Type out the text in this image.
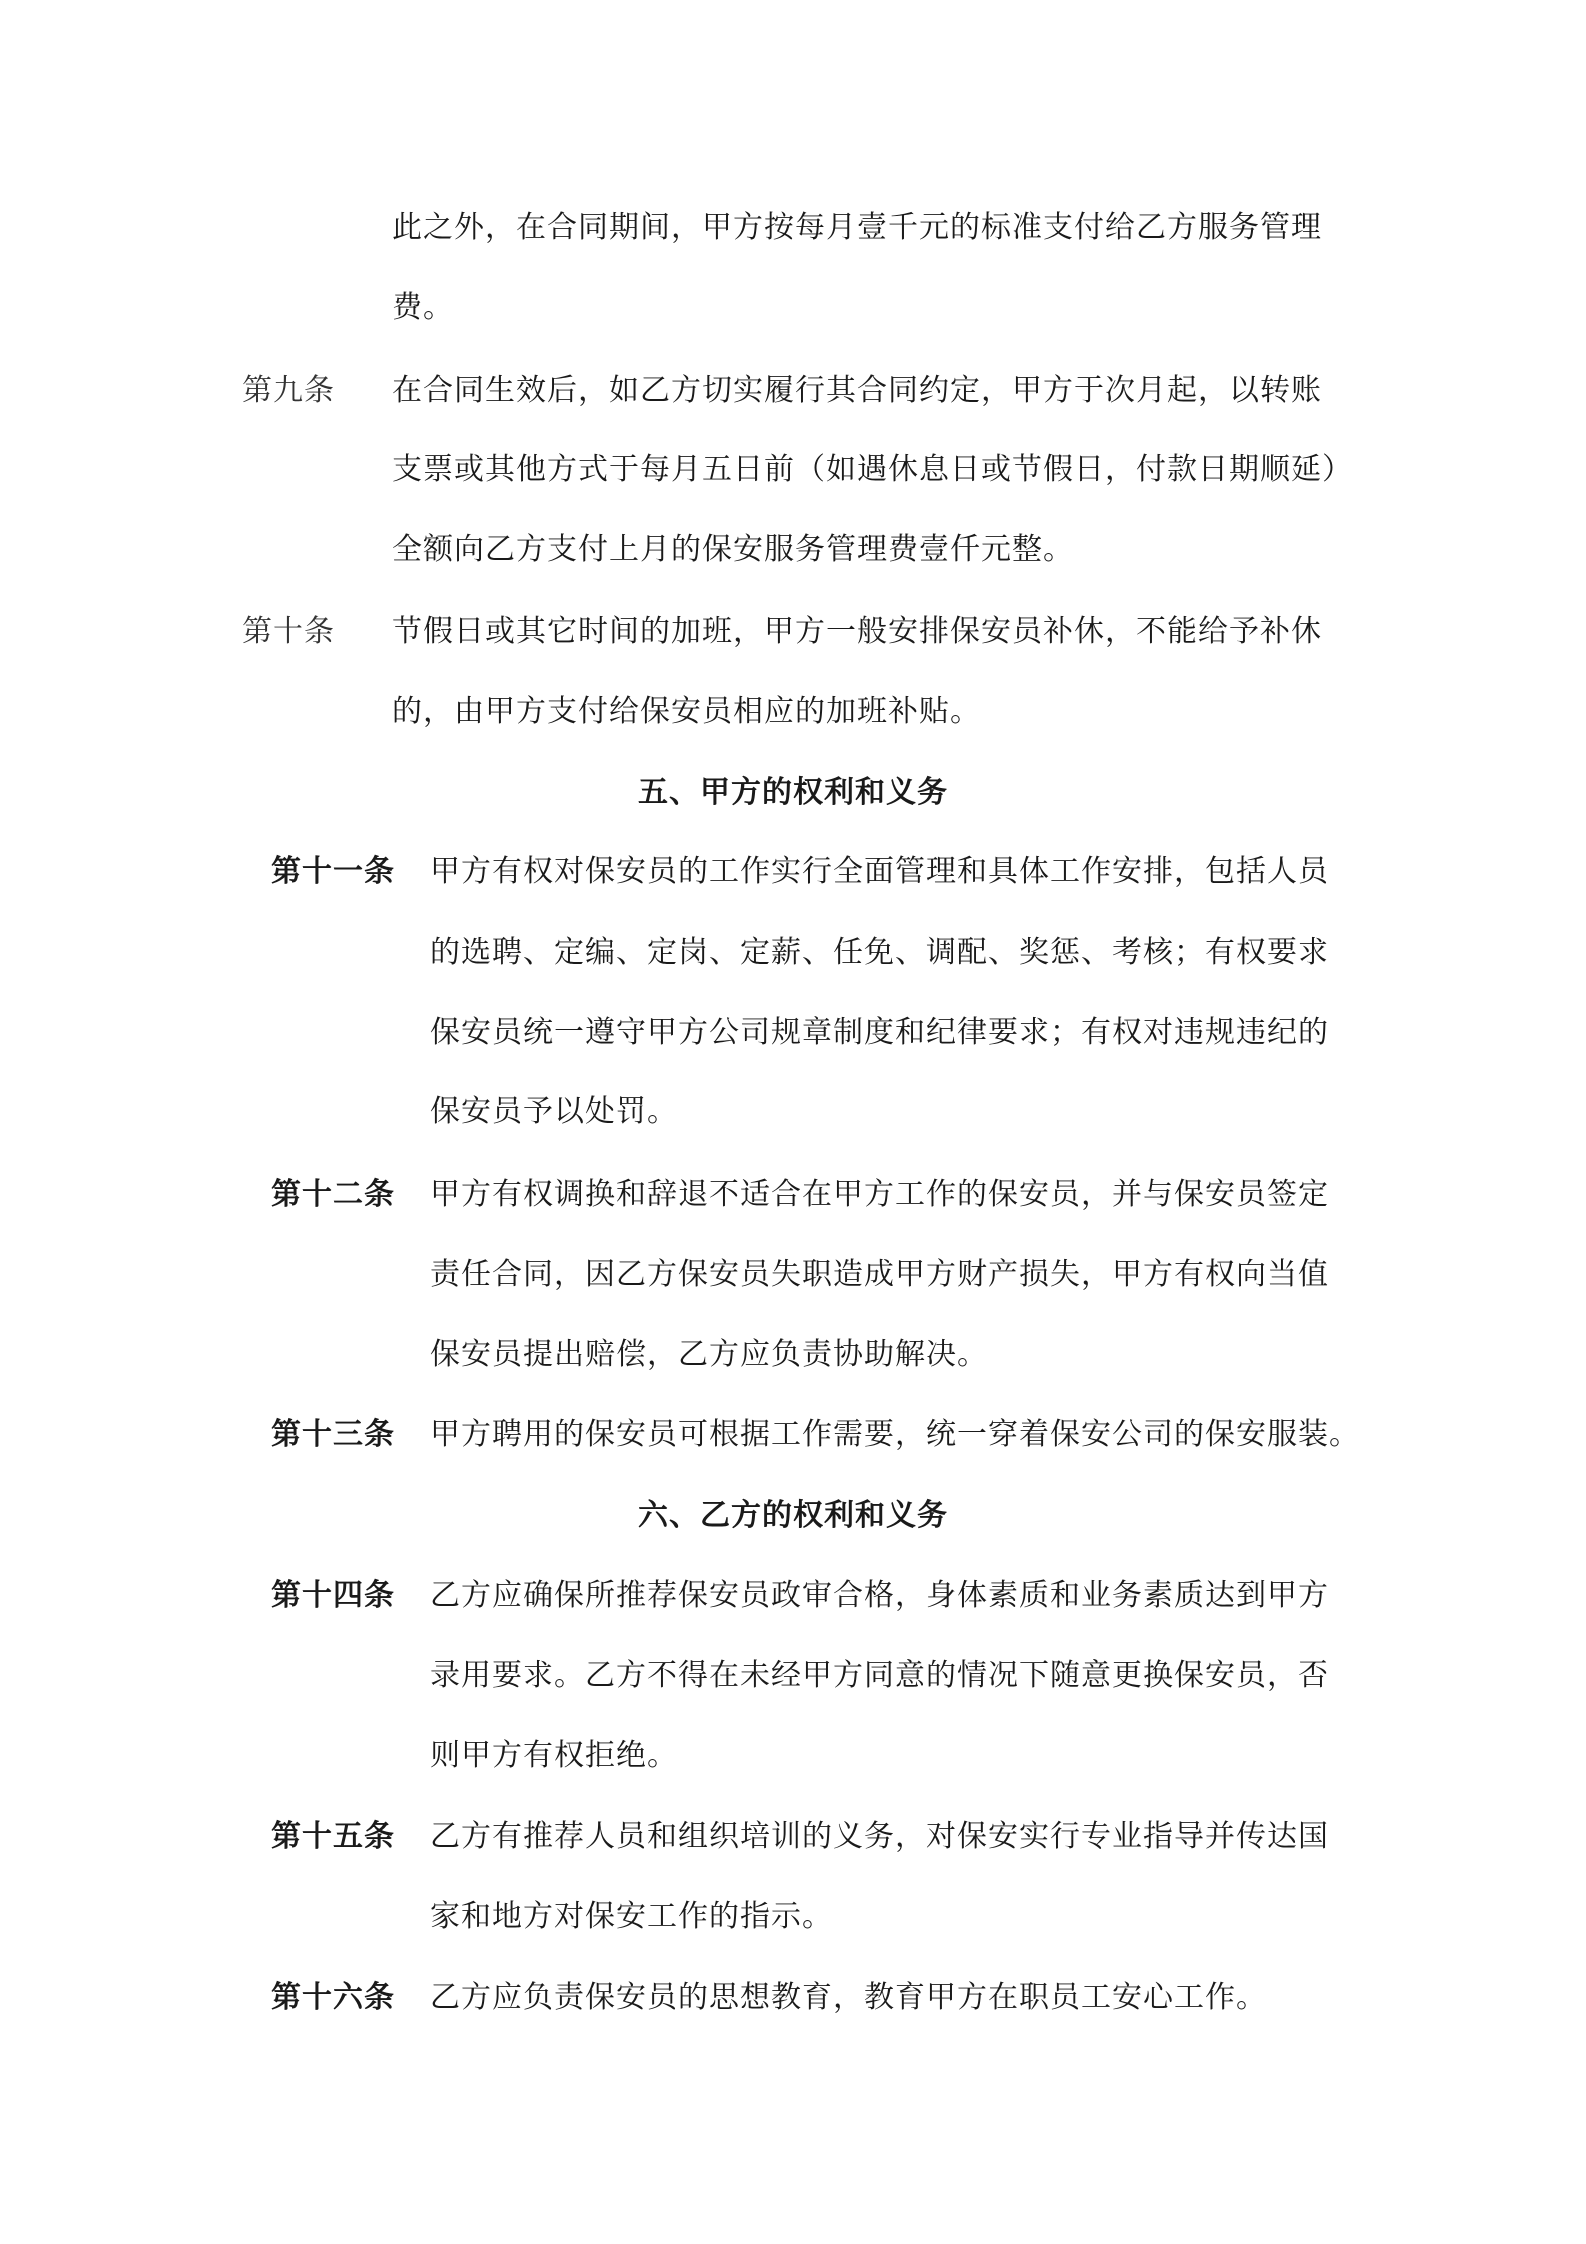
此之外，在合同期间，甲方按每月壹千元的标准支付给乙方服务管理
费。
第九条 在合同生效后，如乙方切实履行其合同约定，甲方于次月起，以转账
支票或其他方式于每月五日前（如遇休息日或节假日，付款日期顺延）
全额向乙方支付上月的保安服务管理费壹仟元整。
第十条 节假日或其它时间的加班，甲方一般安排保安员补休，不能给予补休
的，由甲方支付给保安员相应的加班补贴。
五、甲方的权利和义务
第十一条 甲方有权对保安员的工作实行全面管理和具体工作安排，包括人员
的选聘、定编、定岗、定薪、任免、调配、奖惩、考核；有权要求
保安员统一遵守甲方公司规章制度和纪律要求；有权对违规违纪的
保安员予以处罚。
第十二条 甲方有权调换和辞退不适合在甲方工作的保安员，并与保安员签定
责任合同，因乙方保安员失职造成甲方财产损失，甲方有权向当值
保安员提出赔偿，乙方应负责协助解决。
第十三条 甲方聘用的保安员可根据工作需要，统一穿着保安公司的保安服装。
六、乙方的权利和义务
第十四条 乙方应确保所推荐保安员政审合格，身体素质和业务素质达到甲方
录用要求。乙方不得在未经甲方同意的情况下随意更换保安员，否
则甲方有权拒绝。
第十五条 乙方有推荐人员和组织培训的义务，对保安实行专业指导并传达国
家和地方对保安工作的指示。
第十六条 乙方应负责保安员的思想教育，教育甲方在职员工安心工作。
